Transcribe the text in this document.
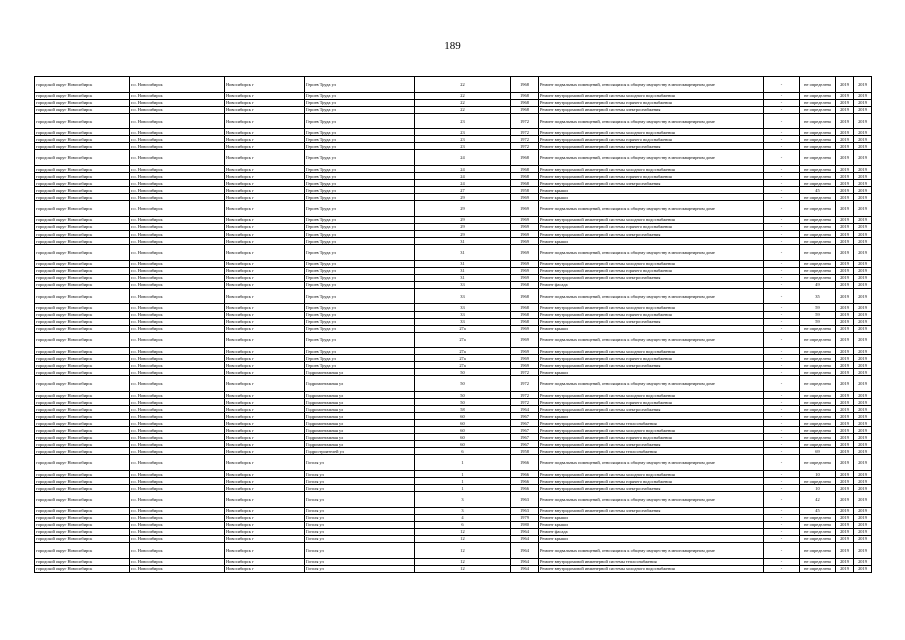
189
городской округ Новосибирск	г.о. Новосибирск	Новосибирск г	Героев Труда ул	22	1968	Ремонт подвальных помещений, относящихся к общему имуществу в многоквартирном доме	-	не определена	2019	2019
городской округ Новосибирск	г.о. Новосибирск	Новосибирск г	Героев Труда ул	22	1968	Ремонт внутридомовой инженерной системы холодного водоснабжения	-	не определена	2019	2019
городской округ Новосибирск	г.о. Новосибирск	Новосибирск г	Героев Труда ул	22	1968	Ремонт внутридомовой инженерной системы горячего водоснабжения	-	не определена	2019	2019
городской округ Новосибирск	г.о. Новосибирск	Новосибирск г	Героев Труда ул	22	1968	Ремонт внутридомовой инженерной системы электроснабжения	-	не определена	2019	2019
городской округ Новосибирск	г.о. Новосибирск	Новосибирск г	Героев Труда ул	23	1972	Ремонт подвальных помещений, относящихся к общему имуществу в многоквартирном доме	-	не определена	2019	2019
городской округ Новосибирск	г.о. Новосибирск	Новосибирск г	Героев Труда ул	23	1972	Ремонт внутридомовой инженерной системы холодного водоснабжения	-	не определена	2019	2019
городской округ Новосибирск	г.о. Новосибирск	Новосибирск г	Героев Труда ул	23	1972	Ремонт внутридомовой инженерной системы горячего водоснабжения	-	не определена	2019	2019
городской округ Новосибирск	г.о. Новосибирск	Новосибирск г	Героев Труда ул	23	1972	Ремонт внутридомовой инженерной системы электроснабжения	-	не определена	2019	2019
городской округ Новосибирск	г.о. Новосибирск	Новосибирск г	Героев Труда ул	24	1968	Ремонт подвальных помещений, относящихся к общему имуществу в многоквартирном доме	-	не определена	2019	2019
городской округ Новосибирск	г.о. Новосибирск	Новосибирск г	Героев Труда ул	24	1968	Ремонт внутридомовой инженерной системы холодного водоснабжения	-	не определена	2019	2019
городской округ Новосибирск	г.о. Новосибирск	Новосибирск г	Героев Труда ул	24	1968	Ремонт внутридомовой инженерной системы горячего водоснабжения	-	не определена	2019	2019
городской округ Новосибирск	г.о. Новосибирск	Новосибирск г	Героев Труда ул	24	1968	Ремонт внутридомовой инженерной системы электроснабжения	-	не определена	2019	2019
городской округ Новосибирск	г.о. Новосибирск	Новосибирск г	Героев Труда ул	27	1958	Ремонт крыши	-	45	2019	2019
городской округ Новосибирск	г.о. Новосибирск	Новосибирск г	Героев Труда ул	29	1969	Ремонт крыши	-	не определена	2019	2019
городской округ Новосибирск	г.о. Новосибирск	Новосибирск г	Героев Труда ул	29	1969	Ремонт подвальных помещений, относящихся к общему имуществу в многоквартирном доме	-	не определена	2019	2019
городской округ Новосибирск	г.о. Новосибирск	Новосибирск г	Героев Труда ул	29	1969	Ремонт внутридомовой инженерной системы холодного водоснабжения	-	не определена	2019	2019
городской округ Новосибирск	г.о. Новосибирск	Новосибирск г	Героев Труда ул	29	1969	Ремонт внутридомовой инженерной системы горячего водоснабжения	-	не определена	2019	2019
городской округ Новосибирск	г.о. Новосибирск	Новосибирск г	Героев Труда ул	29	1969	Ремонт внутридомовой инженерной системы электроснабжения	-	не определена	2019	2019
городской округ Новосибирск	г.о. Новосибирск	Новосибирск г	Героев Труда ул	31	1969	Ремонт крыши	-	не определена	2019	2019
городской округ Новосибирск	г.о. Новосибирск	Новосибирск г	Героев Труда ул	31	1969	Ремонт подвальных помещений, относящихся к общему имуществу в многоквартирном доме	-	не определена	2019	2019
городской округ Новосибирск	г.о. Новосибирск	Новосибирск г	Героев Труда ул	31	1969	Ремонт внутридомовой инженерной системы холодного водоснабжения	-	не определена	2019	2019
городской округ Новосибирск	г.о. Новосибирск	Новосибирск г	Героев Труда ул	31	1969	Ремонт внутридомовой инженерной системы горячего водоснабжения	-	не определена	2019	2019
городской округ Новосибирск	г.о. Новосибирск	Новосибирск г	Героев Труда ул	31	1969	Ремонт внутридомовой инженерной системы электроснабжения	-	не определена	2019	2019
городской округ Новосибирск	г.о. Новосибирск	Новосибирск г	Героев Труда ул	33	1968	Ремонт фасада	-	49	2019	2019
городской округ Новосибирск	г.о. Новосибирск	Новосибирск г	Героев Труда ул	33	1968	Ремонт подвальных помещений, относящихся к общему имуществу в многоквартирном доме	-	35	2019	2019
городской округ Новосибирск	г.о. Новосибирск	Новосибирск г	Героев Труда ул	33	1968	Ремонт внутридомовой инженерной системы холодного водоснабжения	-	59	2019	2019
городской округ Новосибирск	г.о. Новосибирск	Новосибирск г	Героев Труда ул	33	1968	Ремонт внутридомовой инженерной системы горячего водоснабжения	-	59	2019	2019
городской округ Новосибирск	г.о. Новосибирск	Новосибирск г	Героев Труда ул	33	1968	Ремонт внутридомовой инженерной системы электроснабжения	-	59	2019	2019
городской округ Новосибирск	г.о. Новосибирск	Новосибирск г	Героев Труда ул	27а	1969	Ремонт крыши	-	не определена	2019	2019
городской округ Новосибирск	г.о. Новосибирск	Новосибирск г	Героев Труда ул	27а	1969	Ремонт подвальных помещений, относящихся к общему имуществу в многоквартирном доме	-	не определена	2019	2019
городской округ Новосибирск	г.о. Новосибирск	Новосибирск г	Героев Труда ул	27а	1969	Ремонт внутридомовой инженерной системы холодного водоснабжения	-	не определена	2019	2019
городской округ Новосибирск	г.о. Новосибирск	Новосибирск г	Героев Труда ул	27а	1969	Ремонт внутридомовой инженерной системы горячего водоснабжения	-	не определена	2019	2019
городской округ Новосибирск	г.о. Новосибирск	Новосибирск г	Героев Труда ул	27а	1969	Ремонт внутридомовой инженерной системы электроснабжения	-	не определена	2019	2019
городской округ Новосибирск	г.о. Новосибирск	Новосибирск г	Гидромонтажная ул	50	1972	Ремонт крыши	-	не определена	2019	2019
городской округ Новосибирск	г.о. Новосибирск	Новосибирск г	Гидромонтажная ул	50	1972	Ремонт подвальных помещений, относящихся к общему имуществу в многоквартирном доме	-	не определена	2019	2019
городской округ Новосибирск	г.о. Новосибирск	Новосибирск г	Гидромонтажная ул	50	1972	Ремонт внутридомовой инженерной системы холодного водоснабжения	-	не определена	2019	2019
городской округ Новосибирск	г.о. Новосибирск	Новосибирск г	Гидромонтажная ул	50	1972	Ремонт внутридомовой инженерной системы горячего водоснабжения	-	не определена	2019	2019
городской округ Новосибирск	г.о. Новосибирск	Новосибирск г	Гидромонтажная ул	58	1964	Ремонт внутридомовой инженерной системы электроснабжения	-	не определена	2019	2019
городской округ Новосибирск	г.о. Новосибирск	Новосибирск г	Гидромонтажная ул	60	1967	Ремонт крыши	-	не определена	2019	2019
городской округ Новосибирск	г.о. Новосибирск	Новосибирск г	Гидромонтажная ул	60	1967	Ремонт внутридомовой инженерной системы теплоснабжения	-	не определена	2019	2019
городской округ Новосибирск	г.о. Новосибирск	Новосибирск г	Гидромонтажная ул	60	1967	Ремонт внутридомовой инженерной системы холодного водоснабжения	-	не определена	2019	2019
городской округ Новосибирск	г.о. Новосибирск	Новосибирск г	Гидромонтажная ул	60	1967	Ремонт внутридомовой инженерной системы горячего водоснабжения	-	не определена	2019	2019
городской округ Новосибирск	г.о. Новосибирск	Новосибирск г	Гидромонтажная ул	60	1967	Ремонт внутридомовой инженерной системы электроснабжения	-	не определена	2019	2019
городской округ Новосибирск	г.о. Новосибирск	Новосибирск г	Гидростроителей ул	6	1958	Ремонт внутридомовой инженерной системы теплоснабжения	-	69	2019	2019
городской округ Новосибирск	г.о. Новосибирск	Новосибирск г	Гоголя ул	1	1966	Ремонт подвальных помещений, относящихся к общему имуществу в многоквартирном доме	-	не определена	2019	2019
городской округ Новосибирск	г.о. Новосибирск	Новосибирск г	Гоголя ул	1	1966	Ремонт внутридомовой инженерной системы холодного водоснабжения	-	10	2019	2019
городской округ Новосибирск	г.о. Новосибирск	Новосибирск г	Гоголя ул	1	1966	Ремонт внутридомовой инженерной системы горячего водоснабжения	-	не определена	2019	2019
городской округ Новосибирск	г.о. Новосибирск	Новосибирск г	Гоголя ул	1	1966	Ремонт внутридомовой инженерной системы электроснабжения	-	10	2019	2019
городской округ Новосибирск	г.о. Новосибирск	Новосибирск г	Гоголя ул	3	1963	Ремонт подвальных помещений, относящихся к общему имуществу в многоквартирном доме	-	42	2019	2019
городской округ Новосибирск	г.о. Новосибирск	Новосибирск г	Гоголя ул	3	1963	Ремонт внутридомовой инженерной системы электроснабжения	-	45	2019	2019
городской округ Новосибирск	г.о. Новосибирск	Новосибирск г	Гоголя ул	4	1979	Ремонт крыши	-	не определена	2019	2019
городской округ Новосибирск	г.о. Новосибирск	Новосибирск г	Гоголя ул	6	1980	Ремонт крыши	-	не определена	2019	2019
городской округ Новосибирск	г.о. Новосибирск	Новосибирск г	Гоголя ул	12	1964	Ремонт фасада	-	не определена	2019	2019
городской округ Новосибирск	г.о. Новосибирск	Новосибирск г	Гоголя ул	12	1964	Ремонт крыши	-	не определена	2019	2019
городской округ Новосибирск	г.о. Новосибирск	Новосибирск г	Гоголя ул	12	1964	Ремонт подвальных помещений, относящихся к общему имуществу в многоквартирном доме	-	не определена	2019	2019
городской округ Новосибирск	г.о. Новосибирск	Новосибирск г	Гоголя ул	12	1964	Ремонт внутридомовой инженерной системы теплоснабжения	-	не определена	2019	2019
городской округ Новосибирск	г.о. Новосибирск	Новосибирск г	Гоголя ул	12	1964	Ремонт внутридомовой инженерной системы холодного водоснабжения	-	не определена	2019	2019
